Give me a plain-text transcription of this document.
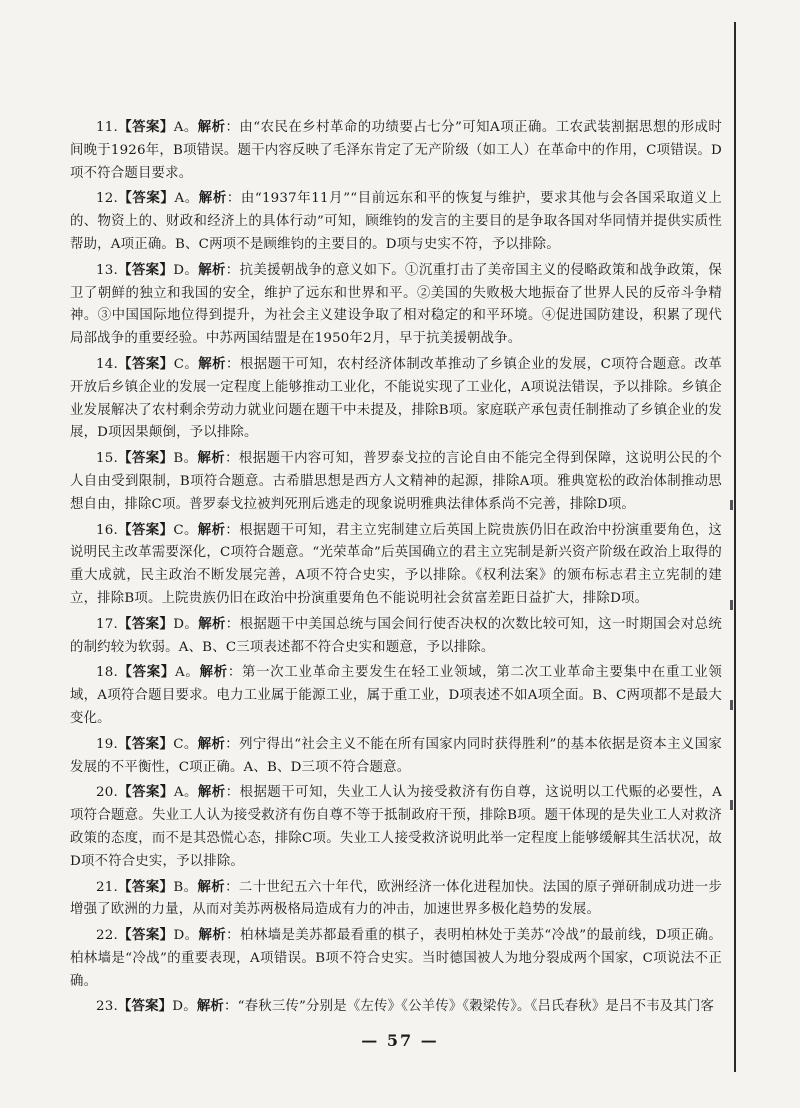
11.【答案】A。解析：由“农民在乡村革命的功绩要占七分”可知A项正确。工农武装割据思想的形成时间晚于1926年，B项错误。题干内容反映了毛泽东肯定了无产阶级（如工人）在革命中的作用，C项错误。D项不符合题目要求。

12.【答案】A。解析：由“1937年11月”“目前远东和平的恢复与维护，要求其他与会各国采取道义上的、物资上的、财政和经济上的具体行动”可知，顾维钧的发言的主要目的是争取各国对华同情并提供实质性帮助，A项正确。B、C两项不是顾维钧的主要目的。D项与史实不符，予以排除。

13.【答案】D。解析：抗美援朝战争的意义如下。①沉重打击了美帝国主义的侵略政策和战争政策，保卫了朝鲜的独立和我国的安全，维护了远东和世界和平。②美国的失败极大地振奋了世界人民的反帝斗争精神。③中国国际地位得到提升，为社会主义建设争取了相对稳定的和平环境。④促进国防建设，积累了现代局部战争的重要经验。中苏两国结盟是在1950年2月，早于抗美援朝战争。

14.【答案】C。解析：根据题干可知，农村经济体制改革推动了乡镇企业的发展，C项符合题意。改革开放后乡镇企业的发展一定程度上能够推动工业化，不能说实现了工业化，A项说法错误，予以排除。乡镇企业发展解决了农村剩余劳动力就业问题在题干中未提及，排除B项。家庭联产承包责任制推动了乡镇企业的发展，D项因果颠倒，予以排除。

15.【答案】B。解析：根据题干内容可知，普罗泰戈拉的言论自由不能完全得到保障，这说明公民的个人自由受到限制，B项符合题意。古希腊思想是西方人文精神的起源，排除A项。雅典宽松的政治体制推动思想自由，排除C项。普罗泰戈拉被判死刑后逃走的现象说明雅典法律体系尚不完善，排除D项。

16.【答案】C。解析：根据题干可知，君主立宪制建立后英国上院贵族仍旧在政治中扮演重要角色，这说明民主改革需要深化，C项符合题意。“光荣革命”后英国确立的君主立宪制是新兴资产阶级在政治上取得的重大成就，民主政治不断发展完善，A项不符合史实，予以排除。《权利法案》的颁布标志君主立宪制的建立，排除B项。上院贵族仍旧在政治中扮演重要角色不能说明社会贫富差距日益扩大，排除D项。

17.【答案】D。解析：根据题干中美国总统与国会间行使否决权的次数比较可知，这一时期国会对总统的制约较为软弱。A、B、C三项表述都不符合史实和题意，予以排除。

18.【答案】A。解析：第一次工业革命主要发生在轻工业领域，第二次工业革命主要集中在重工业领域，A项符合题目要求。电力工业属于能源工业，属于重工业，D项表述不如A项全面。B、C两项都不是最大变化。

19.【答案】C。解析：列宁得出“社会主义不能在所有国家内同时获得胜利”的基本依据是资本主义国家发展的不平衡性，C项正确。A、B、D三项不符合题意。

20.【答案】A。解析：根据题干可知，失业工人认为接受救济有伤自尊，这说明以工代赈的必要性，A项符合题意。失业工人认为接受救济有伤自尊不等于抵制政府干预，排除B项。题干体现的是失业工人对救济政策的态度，而不是其恐慌心态，排除C项。失业工人接受救济说明此举一定程度上能够缓解其生活状况，故D项不符合史实，予以排除。

21.【答案】B。解析：二十世纪五六十年代，欧洲经济一体化进程加快。法国的原子弹研制成功进一步增强了欧洲的力量，从而对美苏两极格局造成有力的冲击，加速世界多极化趋势的发展。

22.【答案】D。解析：柏林墙是美苏都最看重的棋子，表明柏林处于美苏“冷战”的最前线，D项正确。柏林墙是“冷战”的重要表现，A项错误。B项不符合史实。当时德国被人为地分裂成两个国家，C项说法不正确。

23.【答案】D。解析：“春秋三传”分别是《左传》《公羊传》《穀梁传》。《吕氏春秋》是吕不韦及其门客

— 57 —
